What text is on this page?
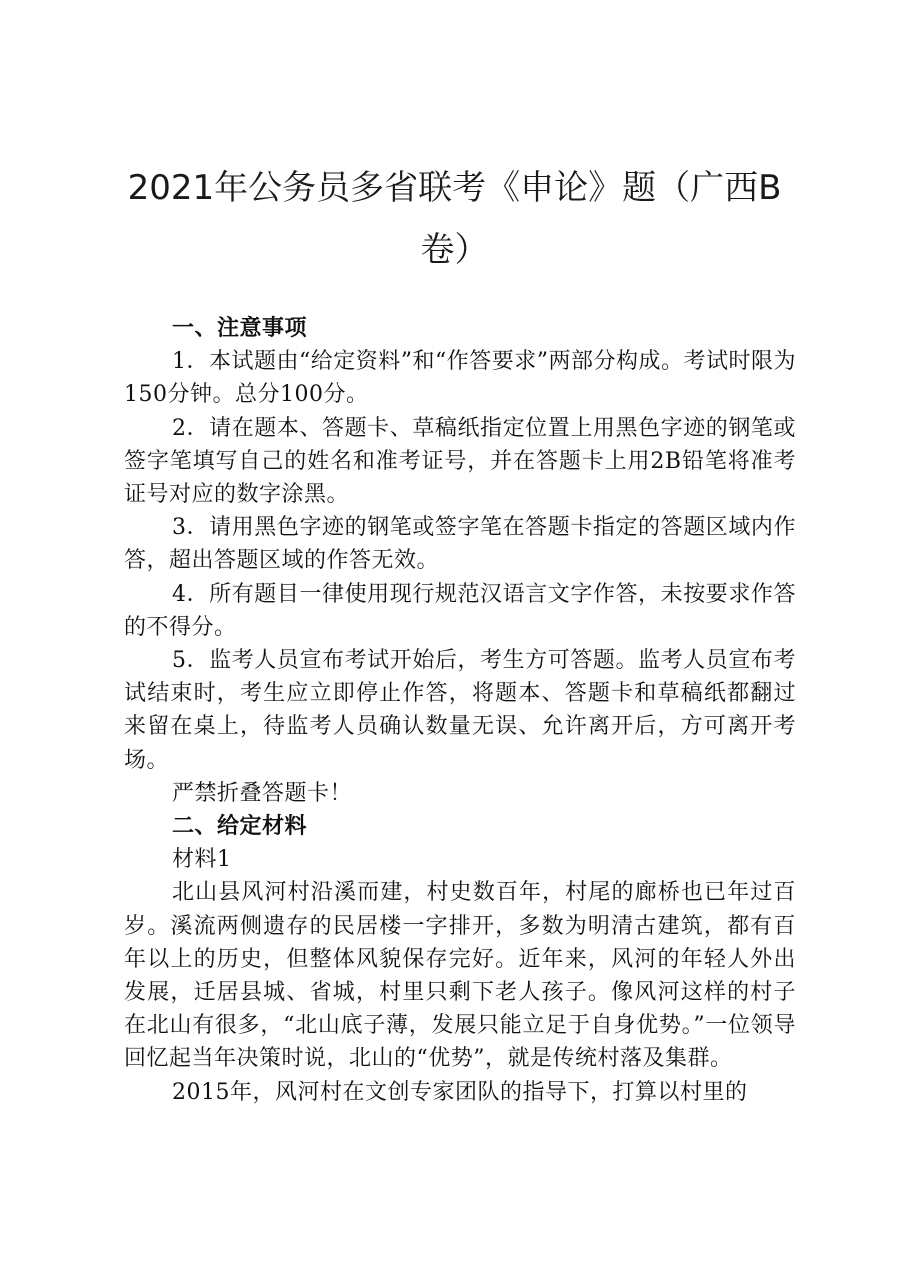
2021年公务员多省联考《申论》题（广西B
卷）

一、注意事项

1．本试题由“给定资料”和“作答要求”两部分构成。考试时限为150分钟。总分100分。

2．请在题本、答题卡、草稿纸指定位置上用黑色字迹的钢笔或签字笔填写自己的姓名和准考证号，并在答题卡上用2B铅笔将准考证号对应的数字涂黑。

3．请用黑色字迹的钢笔或签字笔在答题卡指定的答题区域内作答，超出答题区域的作答无效。

4．所有题目一律使用现行规范汉语言文字作答，未按要求作答的不得分。

5．监考人员宣布考试开始后，考生方可答题。监考人员宣布考试结束时，考生应立即停止作答，将题本、答题卡和草稿纸都翻过来留在桌上，待监考人员确认数量无误、允许离开后，方可离开考场。

严禁折叠答题卡！

二、给定材料

材料1

北山县风河村沿溪而建，村史数百年，村尾的廊桥也已年过百岁。溪流两侧遗存的民居楼一字排开，多数为明清古建筑，都有百年以上的历史，但整体风貌保存完好。近年来，风河的年轻人外出发展，迁居县城、省城，村里只剩下老人孩子。像风河这样的村子在北山有很多，“北山底子薄，发展只能立足于自身优势。”一位领导回忆起当年决策时说，北山的“优势”，就是传统村落及集群。

2015年，风河村在文创专家团队的指导下，打算以村里的
